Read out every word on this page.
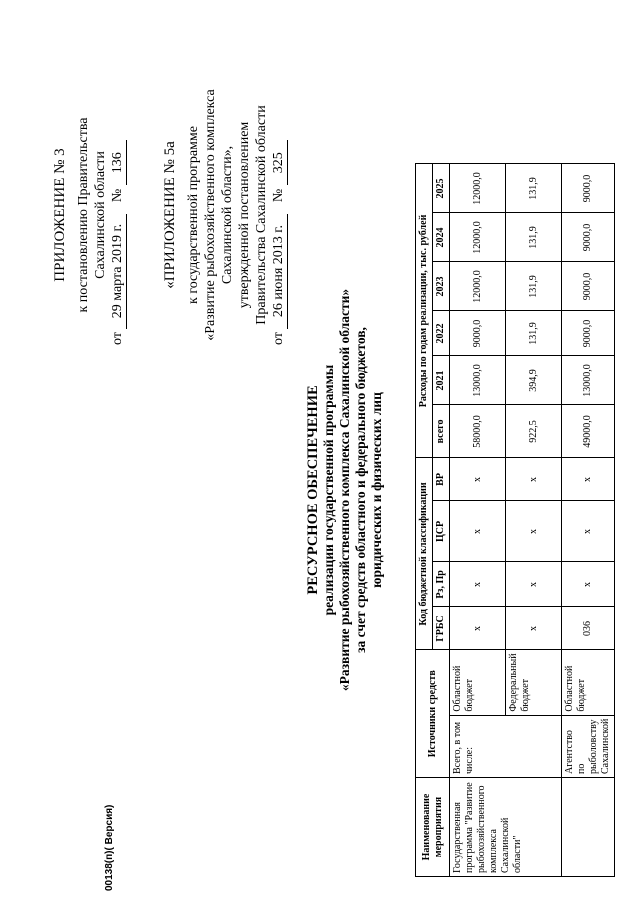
ПРИЛОЖЕНИЕ № 3 к постановлению Правительства Сахалинской области
от 29 марта 2019 г. № 136 «ПРИЛОЖЕНИЕ № 5а к государственной программе «Развитие рыбохозяйственного комплекса Сахалинской области», утвержденной постановлением Правительства Сахалинской области
от 26 июня 2013 г. № 325
РЕСУРСНОЕ ОБЕСПЕЧЕНИЕ реализации государственной программы «Развитие рыбохозяйственного комплекса Сахалинской области» за счет средств областного и федерального бюджетов, юридических и физических лиц
Наименование мероприятия	Источники средств		Код бюджетной классификации				Расходы по годам реализации, тыс. рублей					
			ГРБС	Рз, Пр	ЦСР	ВР	всего	2021	2022	2023	2024	2025
Государственная программа "Развитие рыбохозяйственного комплекса Сахалинской области"	Всего, в том числе:	Областной бюджет	x	x	x	x	58000,0	13000,0	9000,0	12000,0	12000,0	12000,0
		Федеральный бюджет	x	x	x	x	922,5	394,9	131,9	131,9	131,9	131,9
	Агентство по рыболовству Сахалинской	Областной бюджет	036	x	x	x	49000,0	13000,0	9000,0	9000,0	9000,0	9000,0
00138(п)( Версия)
